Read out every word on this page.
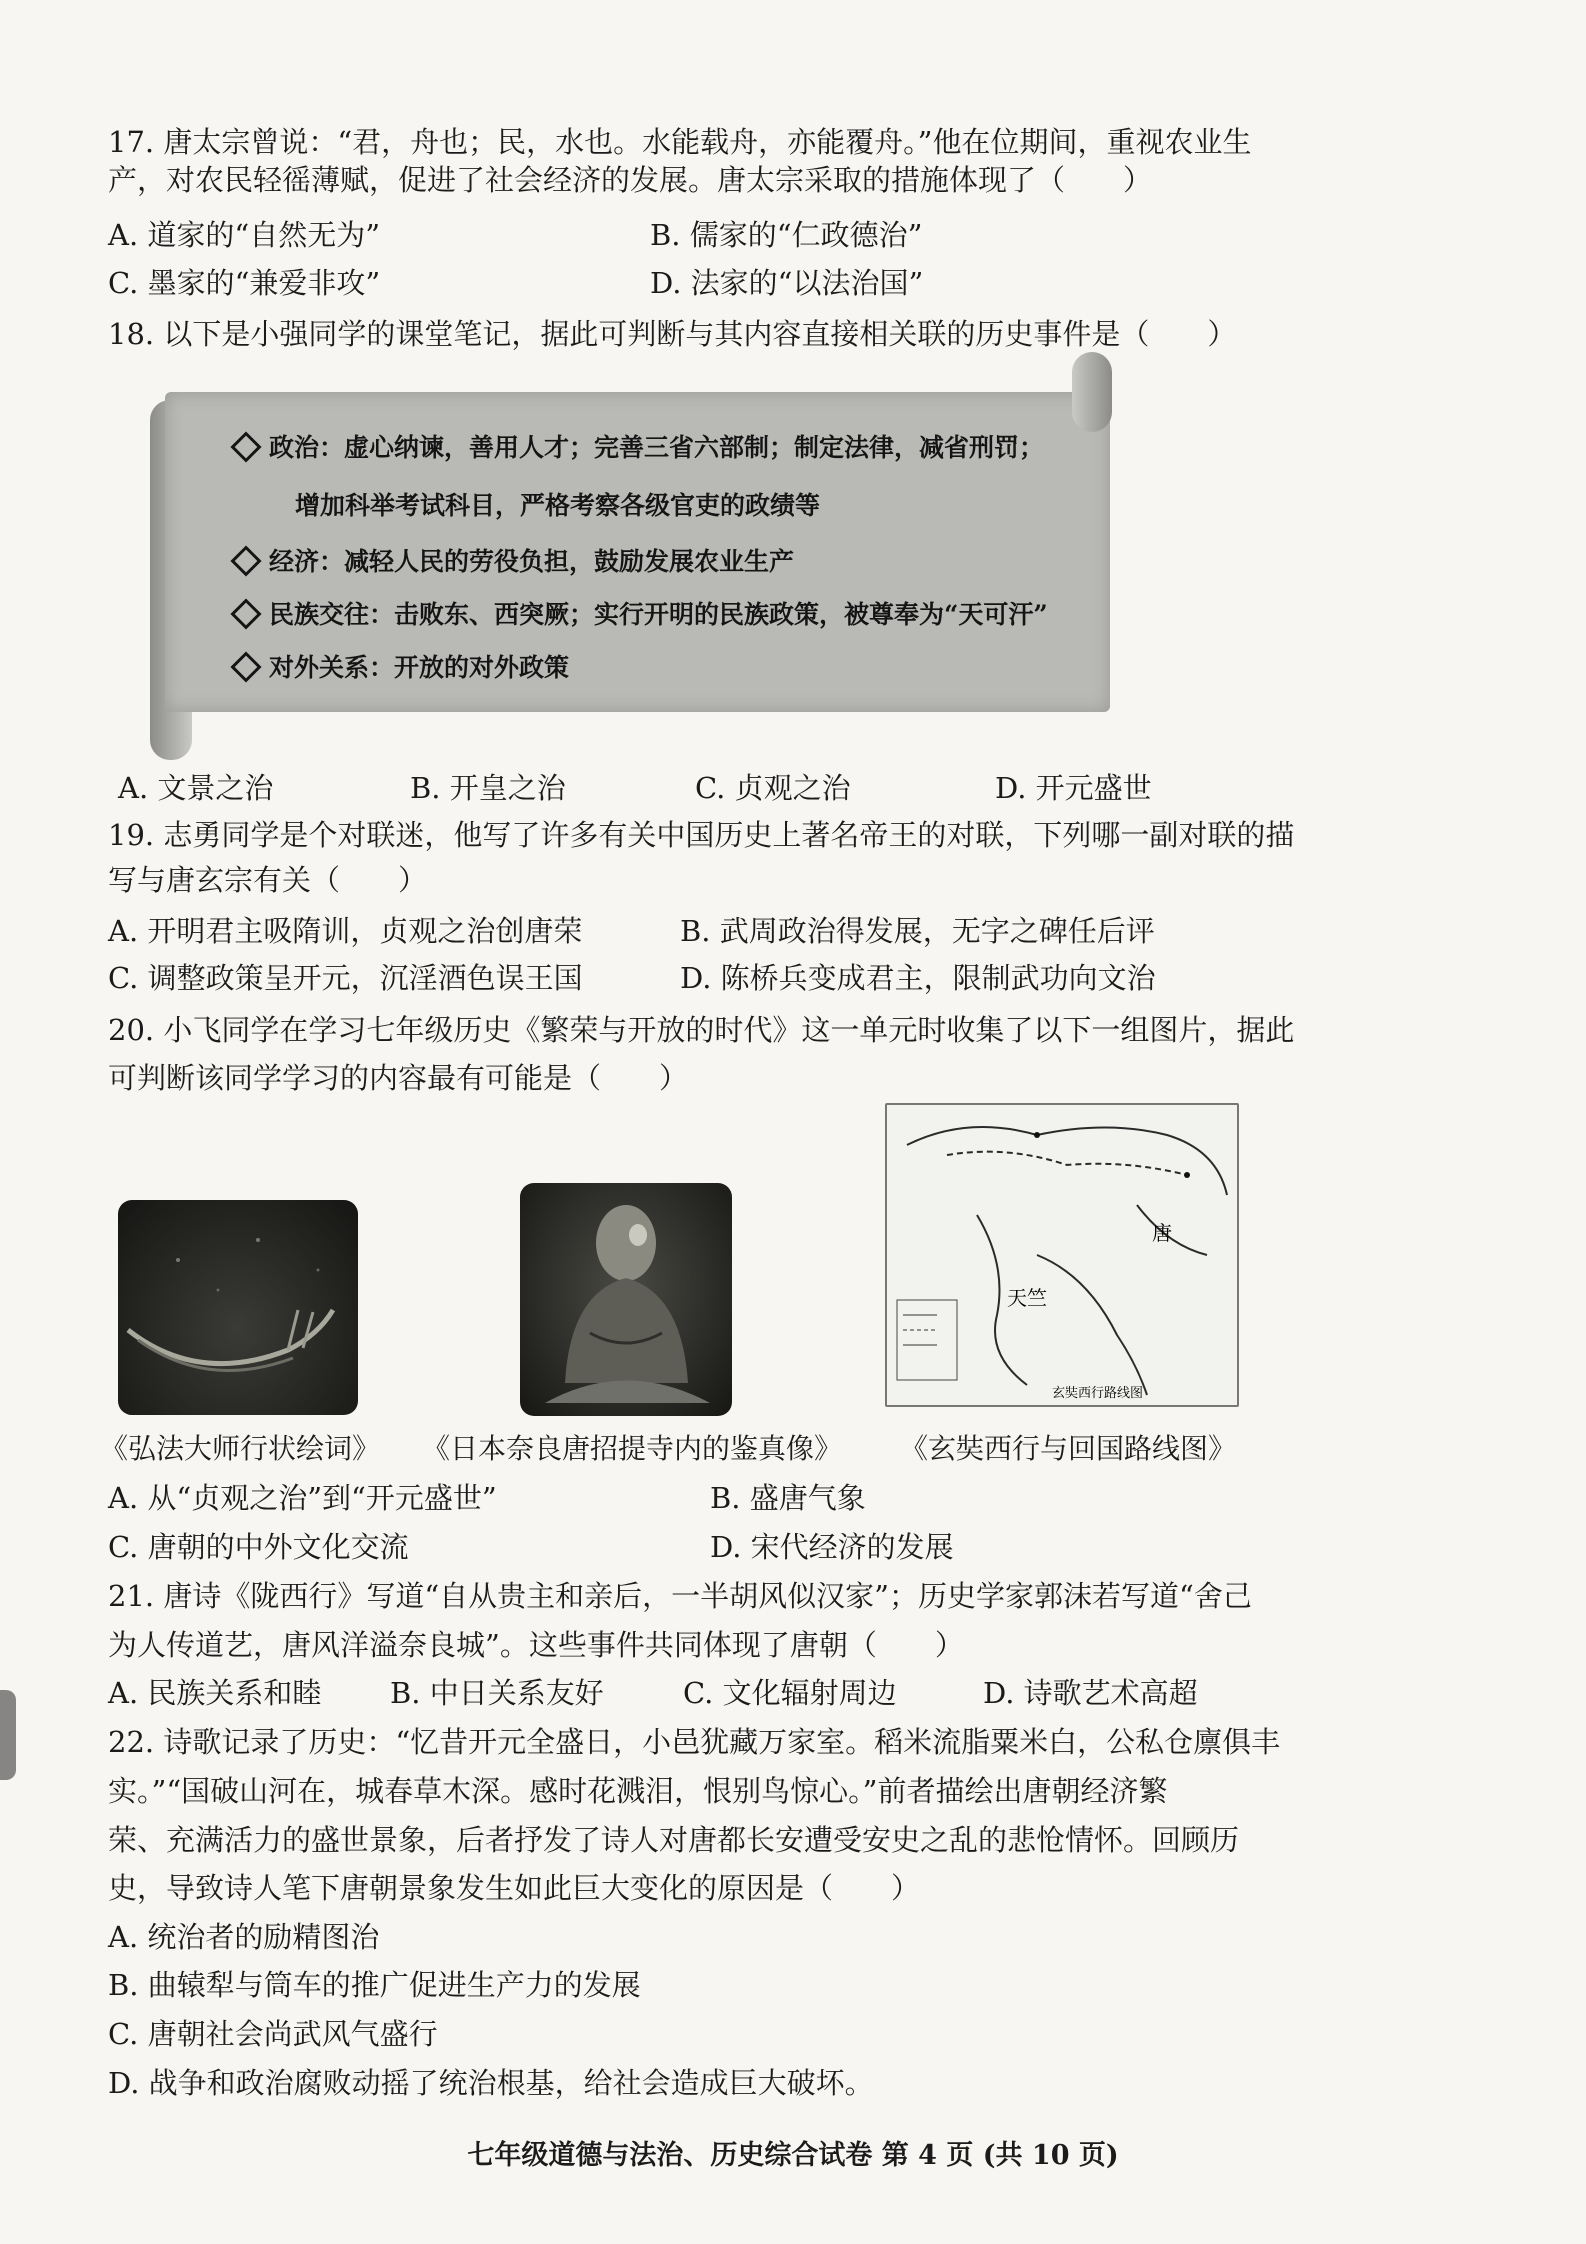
17. 唐太宗曾说：“君，舟也；民，水也。水能载舟，亦能覆舟。”他在位期间，重视农业生
产，对农民轻徭薄赋，促进了社会经济的发展。唐太宗采取的措施体现了（　　）
A. 道家的“自然无为”	B. 儒家的“仁政德治”
C. 墨家的“兼爱非攻”	D. 法家的“以法治国”
18. 以下是小强同学的课堂笔记，据此可判断与其内容直接相关联的历史事件是（　　）
政治：虚心纳谏，善用人才；完善三省六部制；制定法律，减省刑罚；
增加科举考试科目，严格考察各级官吏的政绩等
经济：减轻人民的劳役负担，鼓励发展农业生产
民族交往：击败东、西突厥；实行开明的民族政策，被尊奉为“天可汗”
对外关系：开放的对外政策
A. 文景之治	B. 开皇之治	C. 贞观之治	D. 开元盛世
19. 志勇同学是个对联迷，他写了许多有关中国历史上著名帝王的对联，下列哪一副对联的描
写与唐玄宗有关（　　）
A. 开明君主吸隋训，贞观之治创唐荣	B. 武周政治得发展，无字之碑任后评
C. 调整政策呈开元，沉淫酒色误王国	D. 陈桥兵变成君主，限制武功向文治
20. 小飞同学在学习七年级历史《繁荣与开放的时代》这一单元时收集了以下一组图片，据此
可判断该同学学习的内容最有可能是（　　）
唐
天竺
玄奘西行路线图
《弘法大师行状绘词》 《日本奈良唐招提寺内的鉴真像》 《玄奘西行与回国路线图》
A. 从“贞观之治”到“开元盛世”	B. 盛唐气象
C. 唐朝的中外文化交流	D. 宋代经济的发展
21. 唐诗《陇西行》写道“自从贵主和亲后，一半胡风似汉家”；历史学家郭沫若写道“舍己
为人传道艺，唐风洋溢奈良城”。这些事件共同体现了唐朝（　　）
A. 民族关系和睦 B. 中日关系友好	C. 文化辐射周边	D. 诗歌艺术高超
22. 诗歌记录了历史：“忆昔开元全盛日，小邑犹藏万家室。稻米流脂粟米白，公私仓廪俱丰
实。”“国破山河在，城春草木深。感时花溅泪，恨别鸟惊心。”前者描绘出唐朝经济繁
荣、充满活力的盛世景象，后者抒发了诗人对唐都长安遭受安史之乱的悲怆情怀。回顾历
史，导致诗人笔下唐朝景象发生如此巨大变化的原因是（　　）
A. 统治者的励精图治
B. 曲辕犁与筒车的推广促进生产力的发展
C. 唐朝社会尚武风气盛行
D. 战争和政治腐败动摇了统治根基，给社会造成巨大破坏。
七年级道德与法治、历史综合试卷 第 4 页 (共 10 页)
